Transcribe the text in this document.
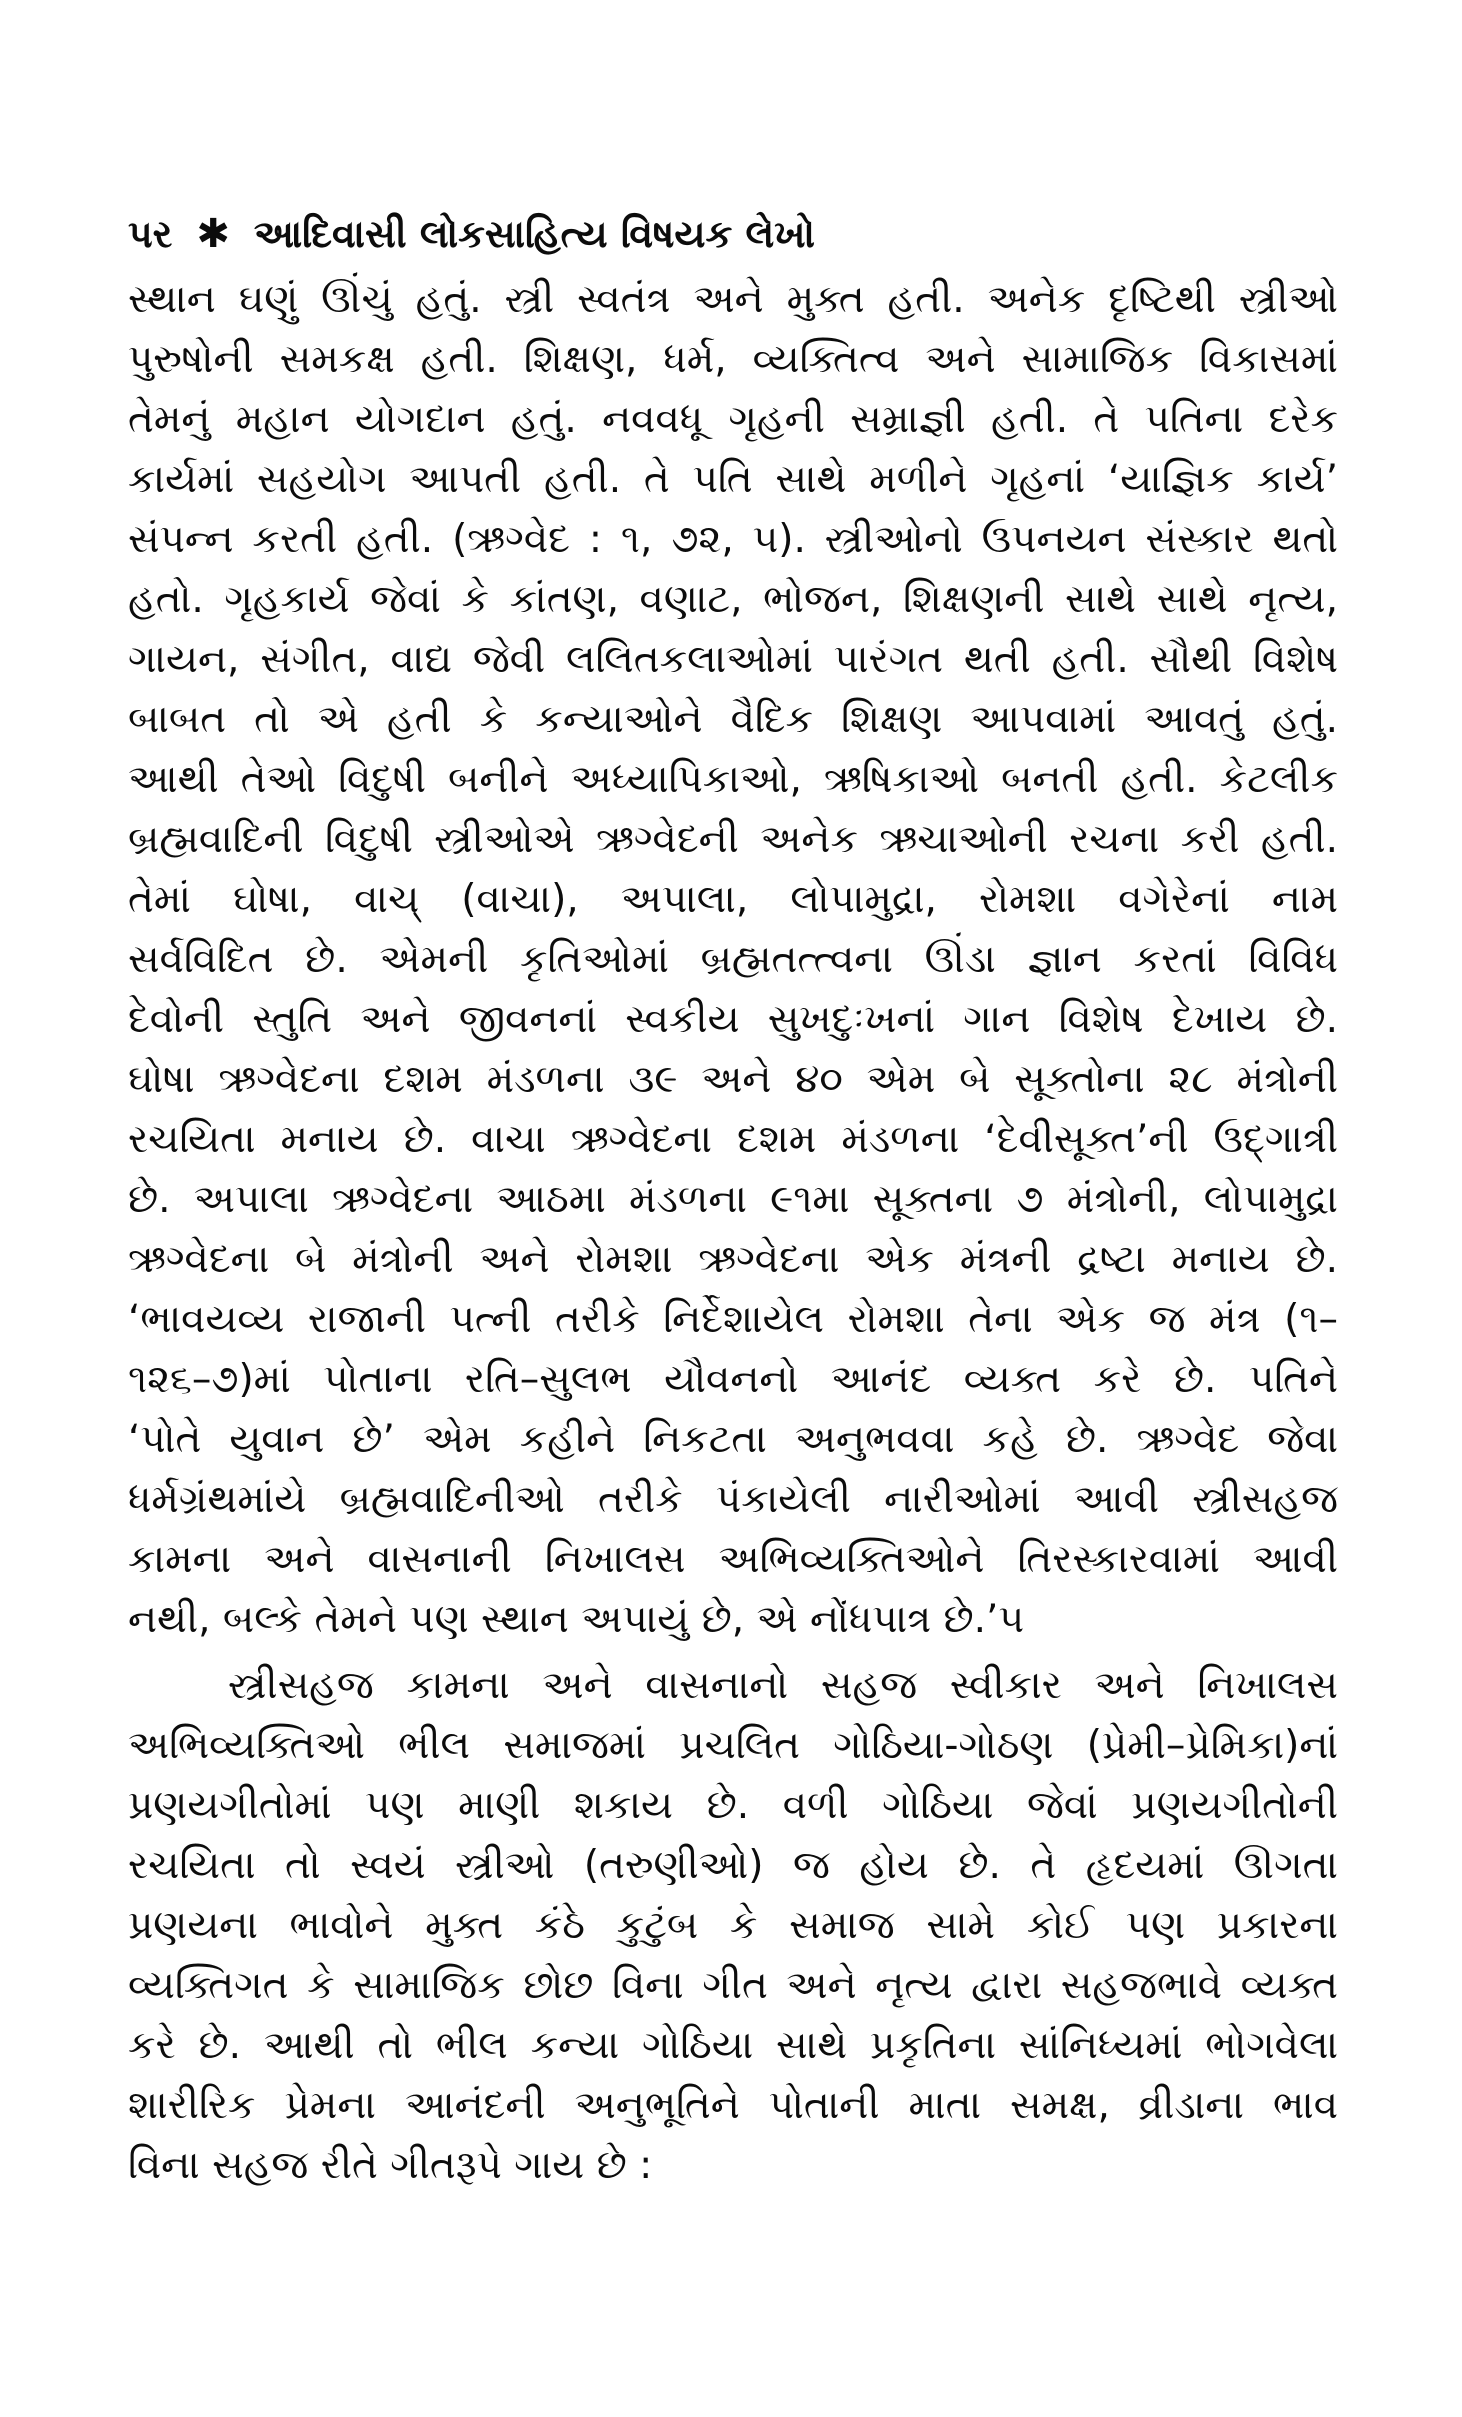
પર ✱ આદિવાસી લોકસાહિત્ય વિષયક લેખો
સ્થાન ઘણું ઊંચું હતું. સ્ત્રી સ્વતંત્ર અને મુક્ત હતી. અનેક દૃષ્ટિથી સ્ત્રીઓ
પુરુષોની સમકક્ષ હતી. શિક્ષણ, ધર્મ, વ્યક્તિત્વ અને સામાજિક વિકાસમાં
તેમનું મહાન યોગદાન હતું. નવવધૂ ગૃહની સમ્રાજ્ઞી હતી. તે પતિના દરેક
કાર્યમાં સહયોગ આપતી હતી. તે પતિ સાથે મળીને ગૃહનાં ‘યાજ્ઞિક કાર્ય’
સંપન્ન કરતી હતી. (ઋગ્વેદ : ૧, ૭૨, ૫). સ્ત્રીઓનો ઉપનયન સંસ્કાર થતો
હતો. ગૃહકાર્ય જેવાં કે કાંતણ, વણાટ, ભોજન, શિક્ષણની સાથે સાથે નૃત્ય,
ગાયન, સંગીત, વાદ્ય જેવી લલિતકલાઓમાં પારંગત થતી હતી. સૌથી વિશેષ
બાબત તો એ હતી કે કન્યાઓને વૈદિક શિક્ષણ આપવામાં આવતું હતું.
આથી તેઓ વિદુષી બનીને અધ્યાપિકાઓ, ઋષિકાઓ બનતી હતી. કેટલીક
બ્રહ્મવાદિની વિદુષી સ્ત્રીઓએ ઋગ્વેદની અનેક ઋચાઓની રચના કરી હતી.
તેમાં ઘોષા, વાચ્ (વાચા), અપાલા, લોપામુદ્રા, રોમશા વગેરેનાં નામ
સર્વવિદિત છે. એમની કૃતિઓમાં બ્રહ્મતત્ત્વના ઊંડા જ્ઞાન કરતાં વિવિધ
દેવોની સ્તુતિ અને જીવનનાં સ્વકીય સુખદુઃખનાં ગાન વિશેષ દેખાય છે.
ઘોષા ઋગ્વેદના દશમ મંડળના ૩૯ અને ૪૦ એમ બે સૂક્તોના ૨૮ મંત્રોની
રચયિતા મનાય છે. વાચા ઋગ્વેદના દશમ મંડળના ‘દેવીસૂક્ત’ની ઉદ્ગાત્રી
છે. અપાલા ઋગ્વેદના આઠમા મંડળના ૯૧મા સૂક્તના ૭ મંત્રોની, લોપામુદ્રા
ઋગ્વેદના બે મંત્રોની અને રોમશા ઋગ્વેદના એક મંત્રની દ્રષ્ટા મનાય છે.
‘ભાવયવ્ય રાજાની પત્ની તરીકે નિર્દેશાયેલ રોમશા તેના એક જ મંત્ર (૧–
૧૨૬–૭)માં પોતાના રતિ–સુલભ યૌવનનો આનંદ વ્યક્ત કરે છે. પતિને
‘પોતે યુવાન છે’ એમ કહીને નિકટતા અનુભવવા કહે છે. ઋગ્વેદ જેવા
ધર્મગ્રંથમાંયે બ્રહ્મવાદિનીઓ તરીકે પંકાયેલી નારીઓમાં આવી સ્ત્રીસહજ
કામના અને વાસનાની નિખાલસ અભિવ્યક્તિઓને તિરસ્કારવામાં આવી
નથી, બલ્કે તેમને પણ સ્થાન અપાયું છે, એ નોંધપાત્ર છે.’૫
સ્ત્રીસહજ કામના અને વાસનાનો સહજ સ્વીકાર અને નિખાલસ
અભિવ્યક્તિઓ ભીલ સમાજમાં પ્રચલિત ગોઠિયા-ગોઠણ (પ્રેમી–પ્રેમિકા)નાં
પ્રણયગીતોમાં પણ માણી શકાય છે. વળી ગોઠિયા જેવાં પ્રણયગીતોની
રચયિતા તો સ્વયં સ્ત્રીઓ (તરુણીઓ) જ હોય છે. તે હૃદયમાં ઊગતા
પ્રણયના ભાવોને મુક્ત કંઠે કુટુંબ કે સમાજ સામે કોઈ પણ પ્રકારના
વ્યક્તિગત કે સામાજિક છોછ વિના ગીત અને નૃત્ય દ્વારા સહજભાવે વ્યક્ત
કરે છે. આથી તો ભીલ કન્યા ગોઠિયા સાથે પ્રકૃતિના સાંનિધ્યમાં ભોગવેલા
શારીરિક પ્રેમના આનંદની અનુભૂતિને પોતાની માતા સમક્ષ, વ્રીડાના ભાવ
વિના સહજ રીતે ગીતરૂપે ગાય છે :
